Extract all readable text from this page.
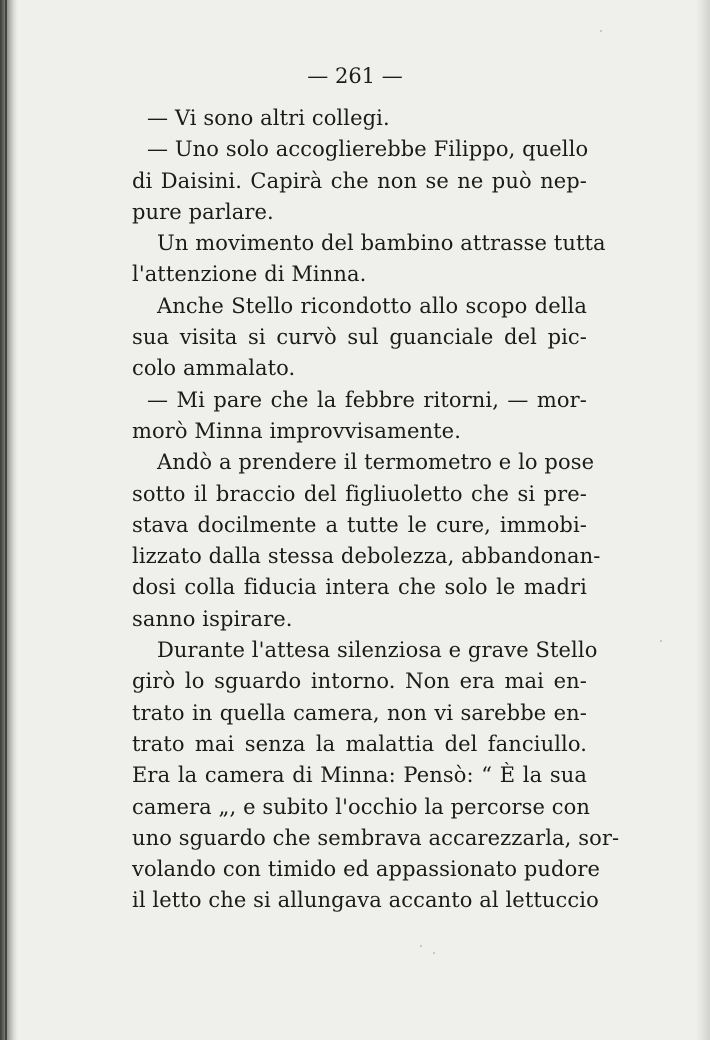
— 261 —
— Vi sono altri collegi.
— Uno solo accoglierebbe Filippo, quello
di Daisini. Capirà che non se ne può nep-
pure parlare.
Un movimento del bambino attrasse tutta
l'attenzione di Minna.
Anche Stello ricondotto allo scopo della
sua visita si curvò sul guanciale del pic-
colo ammalato.
— Mi pare che la febbre ritorni, — mor-
morò Minna improvvisamente.
Andò a prendere il termometro e lo pose
sotto il braccio del figliuoletto che si pre-
stava docilmente a tutte le cure, immobi-
lizzato dalla stessa debolezza, abbandonan-
dosi colla fiducia intera che solo le madri
sanno ispirare.
Durante l'attesa silenziosa e grave Stello
girò lo sguardo intorno. Non era mai en-
trato in quella camera, non vi sarebbe en-
trato mai senza la malattia del fanciullo.
Era la camera di Minna: Pensò: “ È la sua
camera „, e subito l'occhio la percorse con
uno sguardo che sembrava accarezzarla, sor-
volando con timido ed appassionato pudore
il letto che si allungava accanto al lettuccio
